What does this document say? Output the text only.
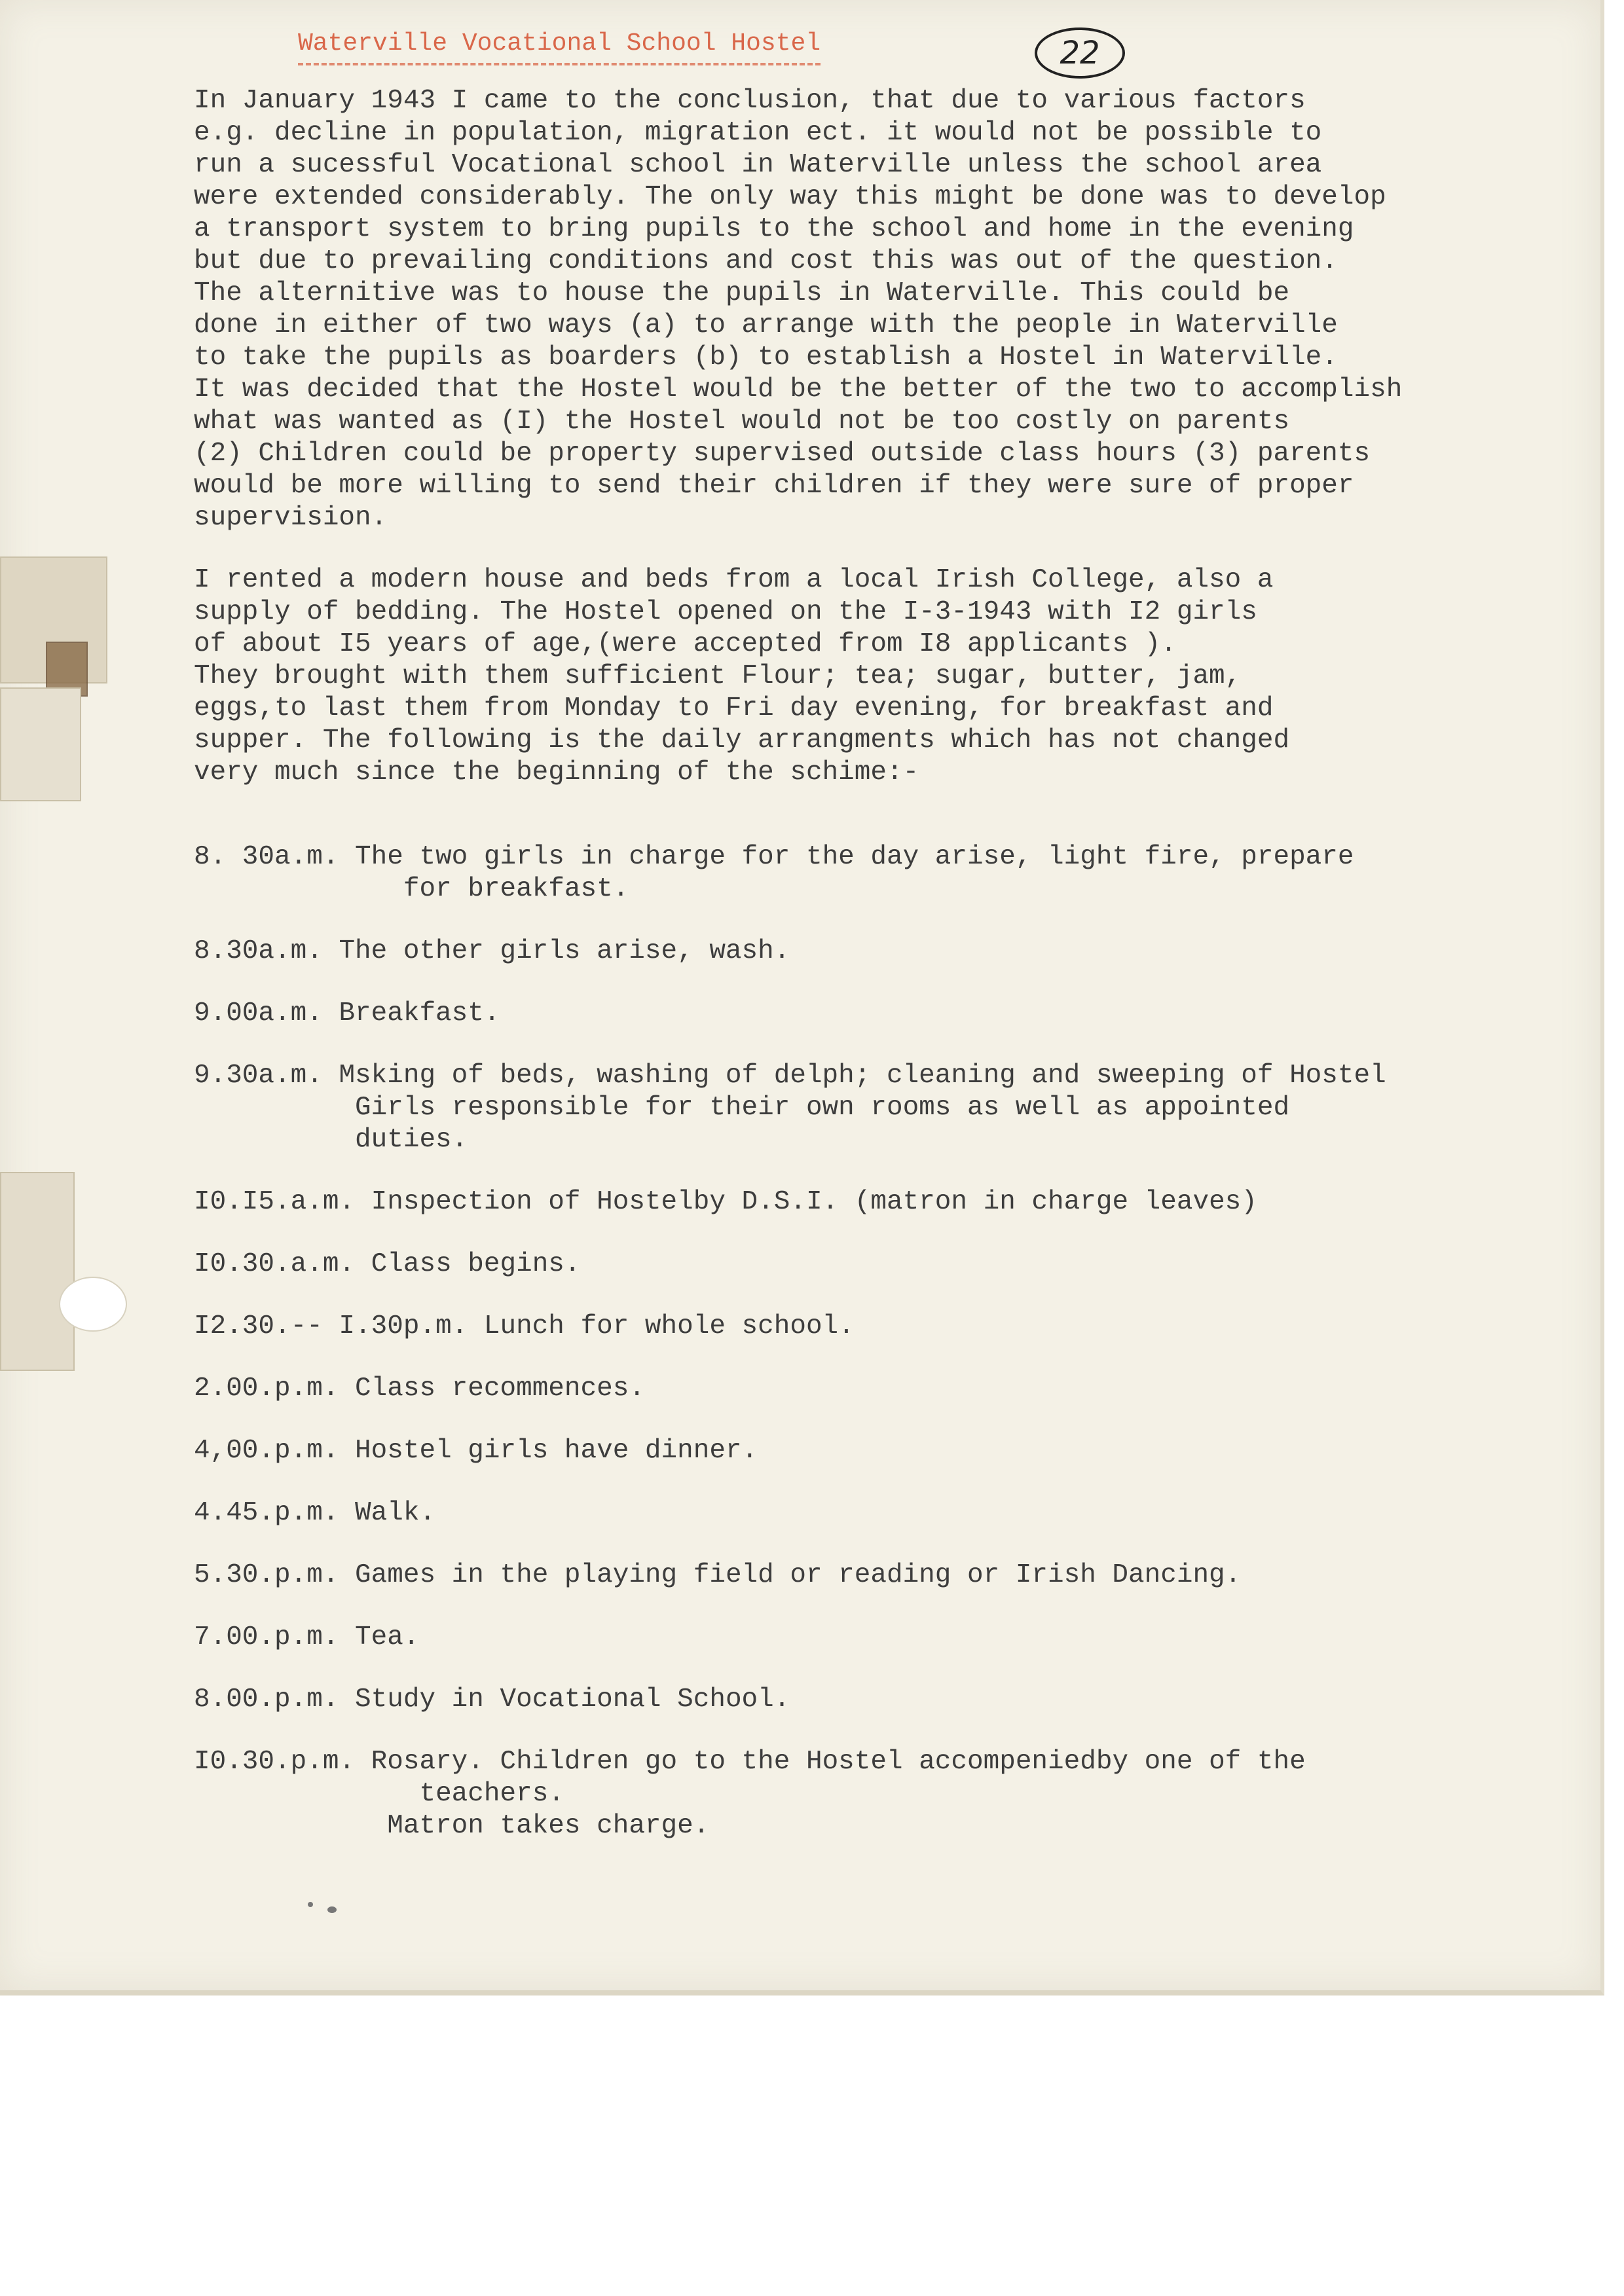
22
Waterville Vocational School Hostel
In January 1943 I came to the conclusion, that due to various factors
e.g. decline in population, migration ect. it would not be possible to
run a sucessful Vocational school in Waterville unless the school area
were extended considerably. The only way this might be done was to develop
a transport system to bring pupils to the school and home in the evening
but due to prevailing conditions and cost this was out of the question.
The alternitive was to house the pupils in Waterville. This could be
done in either of two ways (a) to arrange with the people in Waterville
to take the pupils as boarders (b) to establish a Hostel in Waterville.
It was decided that the Hostel would be the better of the two to accomplish
what was wanted as (I) the Hostel would not be too costly on parents
(2) Children could be property supervised outside class hours (3) parents
would be more willing to send their children if they were sure of proper
supervision.
I rented a modern house and beds from a local Irish College, also a
supply of bedding. The Hostel opened on the I-3-1943 with I2 girls
of about I5 years of age,(were accepted from I8 applicants ).
They brought with them sufficient Flour; tea; sugar, butter, jam,
eggs,to last them from Monday to Fri day evening, for breakfast and
supper. The following is the daily arrangments which has not changed
very much since the beginning of the schime:-
8. 30a.m. The two girls in charge for the day arise, light fire, prepare
for breakfast.
8.30a.m. The other girls arise, wash.
9.00a.m. Breakfast.
9.30a.m. Msking of beds, washing of delph; cleaning and sweeping of Hostel
Girls responsible for their own rooms as well as appointed
duties.
I0.I5.a.m. Inspection of Hostelby D.S.I. (matron in charge leaves)
I0.30.a.m. Class begins.
I2.30.-- I.30p.m. Lunch for whole school.
2.00.p.m. Class recommences.
4,00.p.m. Hostel girls have dinner.
4.45.p.m. Walk.
5.30.p.m. Games in the playing field or reading or Irish Dancing.
7.00.p.m. Tea.
8.00.p.m. Study in Vocational School.
I0.30.p.m. Rosary. Children go to the Hostel accompeniedby one of the
teachers.
Matron takes charge.
